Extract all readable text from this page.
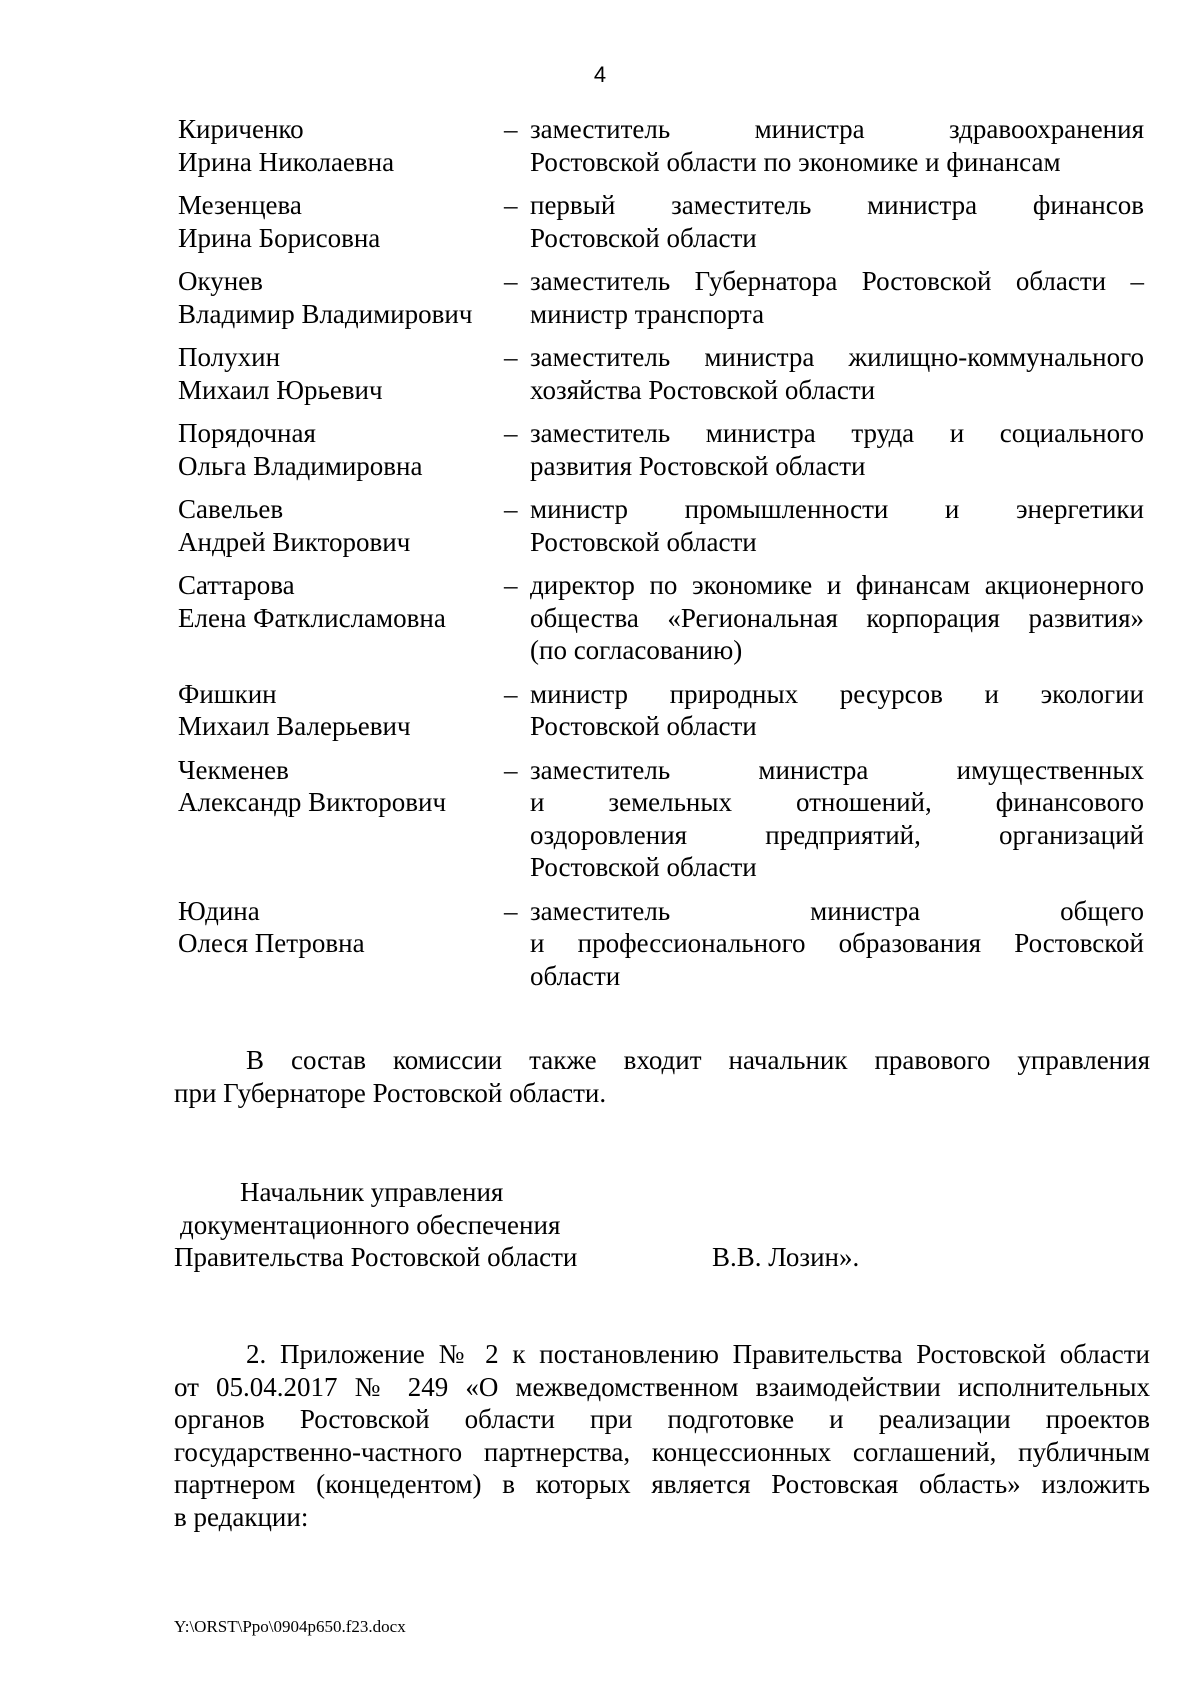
4
Кириченко
Ирина Николаевна
– заместитель министра здравоохранения
Ростовской области по экономике и финансам
Мезенцева
Ирина Борисовна
– первый заместитель министра финансов
Ростовской области
Окунев
Владимир Владимирович
– заместитель Губернатора Ростовской области –
министр транспорта
Полухин
Михаил Юрьевич
– заместитель министра жилищно-коммунального
хозяйства Ростовской области
Порядочная
Ольга Владимировна
– заместитель министра труда и социального
развития Ростовской области
Савельев
Андрей Викторович
– министр промышленности и энергетики
Ростовской области
Саттарова
Елена Фатклисламовна
– директор по экономике и финансам акционерного
общества «Региональная корпорация развития»
(по согласованию)
Фишкин
Михаил Валерьевич
– министр природных ресурсов и экологии
Ростовской области
Чекменев
Александр Викторович
– заместитель министра имущественных
и земельных отношений, финансового
оздоровления предприятий, организаций
Ростовской области
Юдина
Олеся Петровна
– заместитель министра общего
и профессионального образования Ростовской
области
В состав комиссии также входит начальник правового управления
при Губернаторе Ростовской области.
Начальник управления
документационного обеспечения
Правительства Ростовской области	В.В. Лозин».
2. Приложение № 2 к постановлению Правительства Ростовской области
от 05.04.2017 № 249 «О межведомственном взаимодействии исполнительных
органов Ростовской области при подготовке и реализации проектов
государственно-частного партнерства, концессионных соглашений, публичным
партнером (концедентом) в которых является Ростовская область» изложить
в редакции:
Y:\ORST\Ppo\0904p650.f23.docx
